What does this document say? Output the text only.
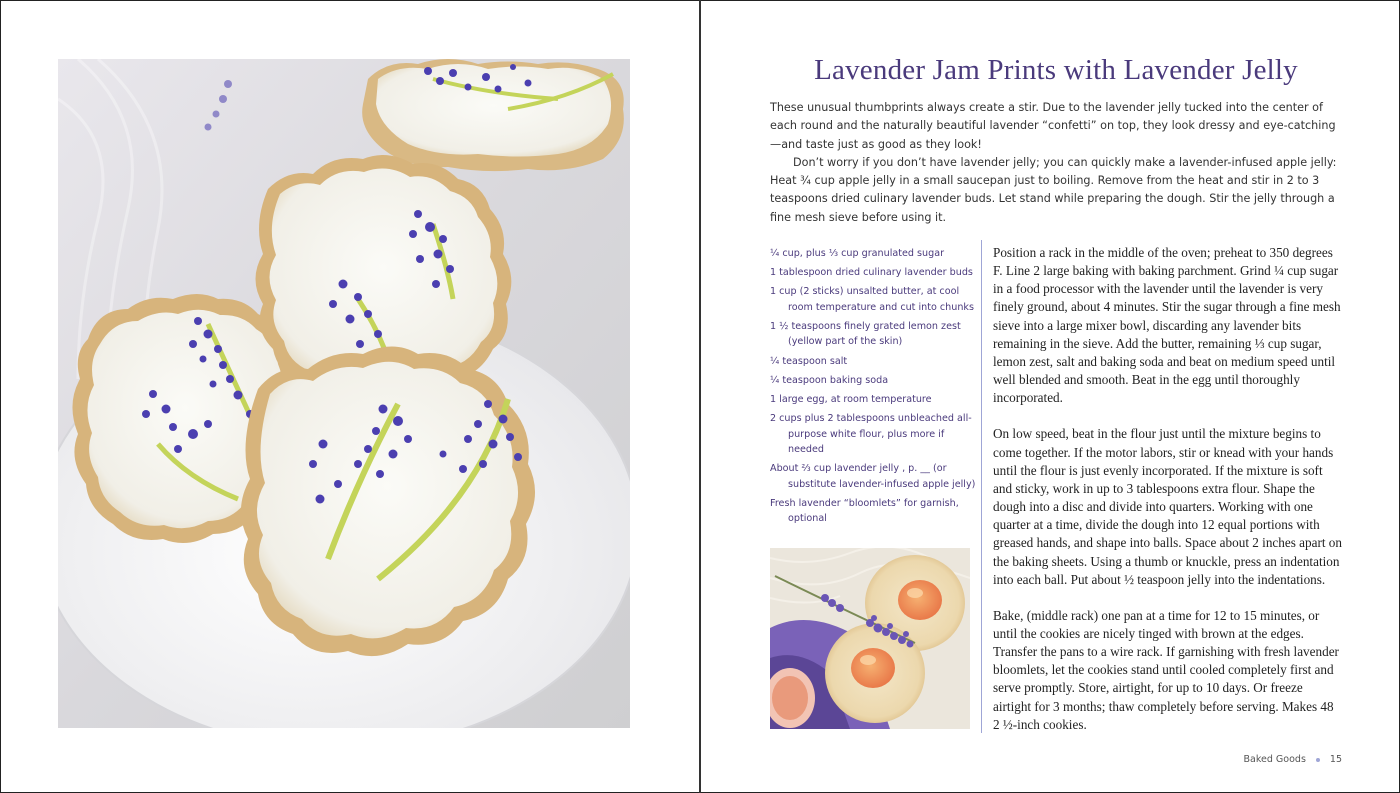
Lavender Jam Prints with Lavender Jelly

These unusual thumbprints always create a stir. Due to the lavender jelly tucked into the center of each round and the naturally beautiful lavender “confetti” on top, they look dressy and eye-catching—and taste just as good as they look!

Don’t worry if you don’t have lavender jelly; you can quickly make a lavender-infused apple jelly: Heat ¾ cup apple jelly in a small saucepan just to boiling. Remove from the heat and stir in 2 to 3 teaspoons dried culinary lavender buds. Let stand while preparing the dough. Stir the jelly through a fine mesh sieve before using it.

¼ cup, plus ⅓ cup granulated sugar
1 tablespoon dried culinary lavender buds
1 cup (2 sticks) unsalted butter, at cool room temperature and cut into chunks
1 ½ teaspoons finely grated lemon zest (yellow part of the skin)
¼ teaspoon salt
¼ teaspoon baking soda
1 large egg, at room temperature
2 cups plus 2 tablespoons unbleached all-purpose white flour, plus more if needed
About ⅔ cup lavender jelly , p. __ (or substitute lavender-infused apple jelly)
Fresh lavender “bloomlets” for garnish, optional

Position a rack in the middle of the oven; preheat to 350 degrees F. Line 2 large baking with baking parchment. Grind ¼ cup sugar in a food processor with the lavender until the lavender is very finely ground, about 4 minutes. Stir the sugar through a fine mesh sieve into a large mixer bowl, discarding any lavender bits remaining in the sieve. Add the butter, remaining ⅓ cup sugar, lemon zest, salt and baking soda and beat on medium speed until well blended and smooth. Beat in the egg until thoroughly incorporated.

On low speed, beat in the flour just until the mixture begins to come together. If the motor labors, stir or knead with your hands until the flour is just evenly incorporated. If the mixture is soft and sticky, work in up to 3 tablespoons extra flour. Shape the dough into a disc and divide into quarters. Working with one quarter at a time, divide the dough into 12 equal portions with greased hands, and shape into balls. Space about 2 inches apart on the baking sheets. Using a thumb or knuckle, press an indentation into each ball. Put about ½ teaspoon jelly into the indentations.

Bake, (middle rack) one pan at a time for 12 to 15 minutes, or until the cookies are nicely tinged with brown at the edges. Transfer the pans to a wire rack. If garnishing with fresh lavender bloomlets, let the cookies stand until cooled completely first and serve promptly. Store, airtight, for up to 10 days. Or freeze airtight for 3 months; thaw completely before serving. Makes 48 2 ½-inch cookies.

Baked Goods	15
